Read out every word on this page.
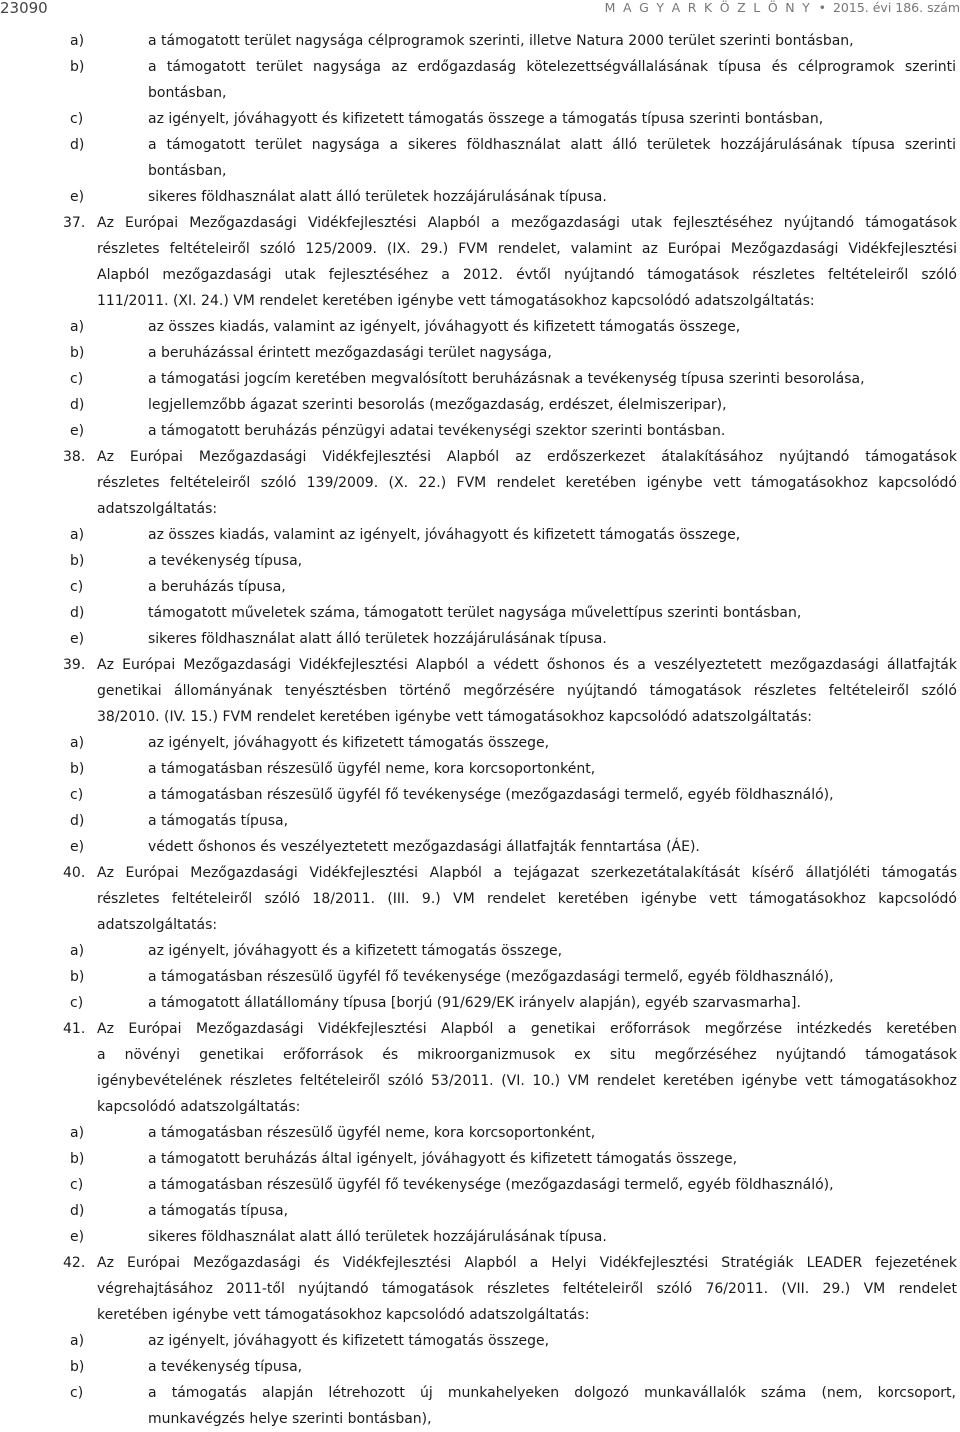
23090	M A G Y A R K Ö Z L Ö N Y • 2015. évi 186. szám
a)	a támogatott terület nagysága célprogramok szerinti, illetve Natura 2000 terület szerinti bontásban,
b)	a támogatott terület nagysága az erdőgazdaság kötelezettségvállalásának típusa és célprogramok szerinti
bontásban,
c)	az igényelt, jóváhagyott és kifizetett támogatás összege a támogatás típusa szerinti bontásban,
d)	a támogatott terület nagysága a sikeres földhasználat alatt álló területek hozzájárulásának típusa szerinti
bontásban,
e)	sikeres földhasználat alatt álló területek hozzájárulásának típusa.
37. Az Európai Mezőgazdasági Vidékfejlesztési Alapból a mezőgazdasági utak fejlesztéséhez nyújtandó támogatások
részletes feltételeiről szóló 125/2009. (IX. 29.) FVM rendelet, valamint az Európai Mezőgazdasági Vidékfejlesztési
Alapból mezőgazdasági utak fejlesztéséhez a 2012. évtől nyújtandó támogatások részletes feltételeiről szóló
111/2011. (XI. 24.) VM rendelet keretében igénybe vett támogatásokhoz kapcsolódó adatszolgáltatás:
a)	az összes kiadás, valamint az igényelt, jóváhagyott és kifizetett támogatás összege,
b)	a beruházással érintett mezőgazdasági terület nagysága,
c)	a támogatási jogcím keretében megvalósított beruházásnak a tevékenység típusa szerinti besorolása,
d)	legjellemzőbb ágazat szerinti besorolás (mezőgazdaság, erdészet, élelmiszeripar),
e)	a támogatott beruházás pénzügyi adatai tevékenységi szektor szerinti bontásban.
38. Az Európai Mezőgazdasági Vidékfejlesztési Alapból az erdőszerkezet átalakításához nyújtandó támogatások
részletes feltételeiről szóló 139/2009. (X. 22.) FVM rendelet keretében igénybe vett támogatásokhoz kapcsolódó
adatszolgáltatás:
a)	az összes kiadás, valamint az igényelt, jóváhagyott és kifizetett támogatás összege,
b)	a tevékenység típusa,
c)	a beruházás típusa,
d)	támogatott műveletek száma, támogatott terület nagysága művelettípus szerinti bontásban,
e)	sikeres földhasználat alatt álló területek hozzájárulásának típusa.
39. Az Európai Mezőgazdasági Vidékfejlesztési Alapból a védett őshonos és a veszélyeztetett mezőgazdasági állatfajták
genetikai állományának tenyésztésben történő megőrzésére nyújtandó támogatások részletes feltételeiről szóló
38/2010. (IV. 15.) FVM rendelet keretében igénybe vett támogatásokhoz kapcsolódó adatszolgáltatás:
a)	az igényelt, jóváhagyott és kifizetett támogatás összege,
b)	a támogatásban részesülő ügyfél neme, kora korcsoportonként,
c)	a támogatásban részesülő ügyfél fő tevékenysége (mezőgazdasági termelő, egyéb földhasználó),
d)	a támogatás típusa,
e)	védett őshonos és veszélyeztetett mezőgazdasági állatfajták fenntartása (ÁE).
40. Az Európai Mezőgazdasági Vidékfejlesztési Alapból a tejágazat szerkezetátalakítását kísérő állatjóléti támogatás
részletes feltételeiről szóló 18/2011. (III. 9.) VM rendelet keretében igénybe vett támogatásokhoz kapcsolódó
adatszolgáltatás:
a)	az igényelt, jóváhagyott és a kifizetett támogatás összege,
b)	a támogatásban részesülő ügyfél fő tevékenysége (mezőgazdasági termelő, egyéb földhasználó),
c)	a támogatott állatállomány típusa [borjú (91/629/EK irányelv alapján), egyéb szarvasmarha].
41. Az Európai Mezőgazdasági Vidékfejlesztési Alapból a genetikai erőforrások megőrzése intézkedés keretében
a növényi genetikai erőforrások és mikroorganizmusok ex situ megőrzéséhez nyújtandó támogatások
igénybevételének részletes feltételeiről szóló 53/2011. (VI. 10.) VM rendelet keretében igénybe vett támogatásokhoz
kapcsolódó adatszolgáltatás:
a)	a támogatásban részesülő ügyfél neme, kora korcsoportonként,
b)	a támogatott beruházás által igényelt, jóváhagyott és kifizetett támogatás összege,
c)	a támogatásban részesülő ügyfél fő tevékenysége (mezőgazdasági termelő, egyéb földhasználó),
d)	a támogatás típusa,
e)	sikeres földhasználat alatt álló területek hozzájárulásának típusa.
42. Az Európai Mezőgazdasági és Vidékfejlesztési Alapból a Helyi Vidékfejlesztési Stratégiák LEADER fejezetének
végrehajtásához 2011-től nyújtandó támogatások részletes feltételeiről szóló 76/2011. (VII. 29.) VM rendelet
keretében igénybe vett támogatásokhoz kapcsolódó adatszolgáltatás:
a)	az igényelt, jóváhagyott és kifizetett támogatás összege,
b)	a tevékenység típusa,
c)	a támogatás alapján létrehozott új munkahelyeken dolgozó munkavállalók száma (nem, korcsoport,
munkavégzés helye szerinti bontásban),
